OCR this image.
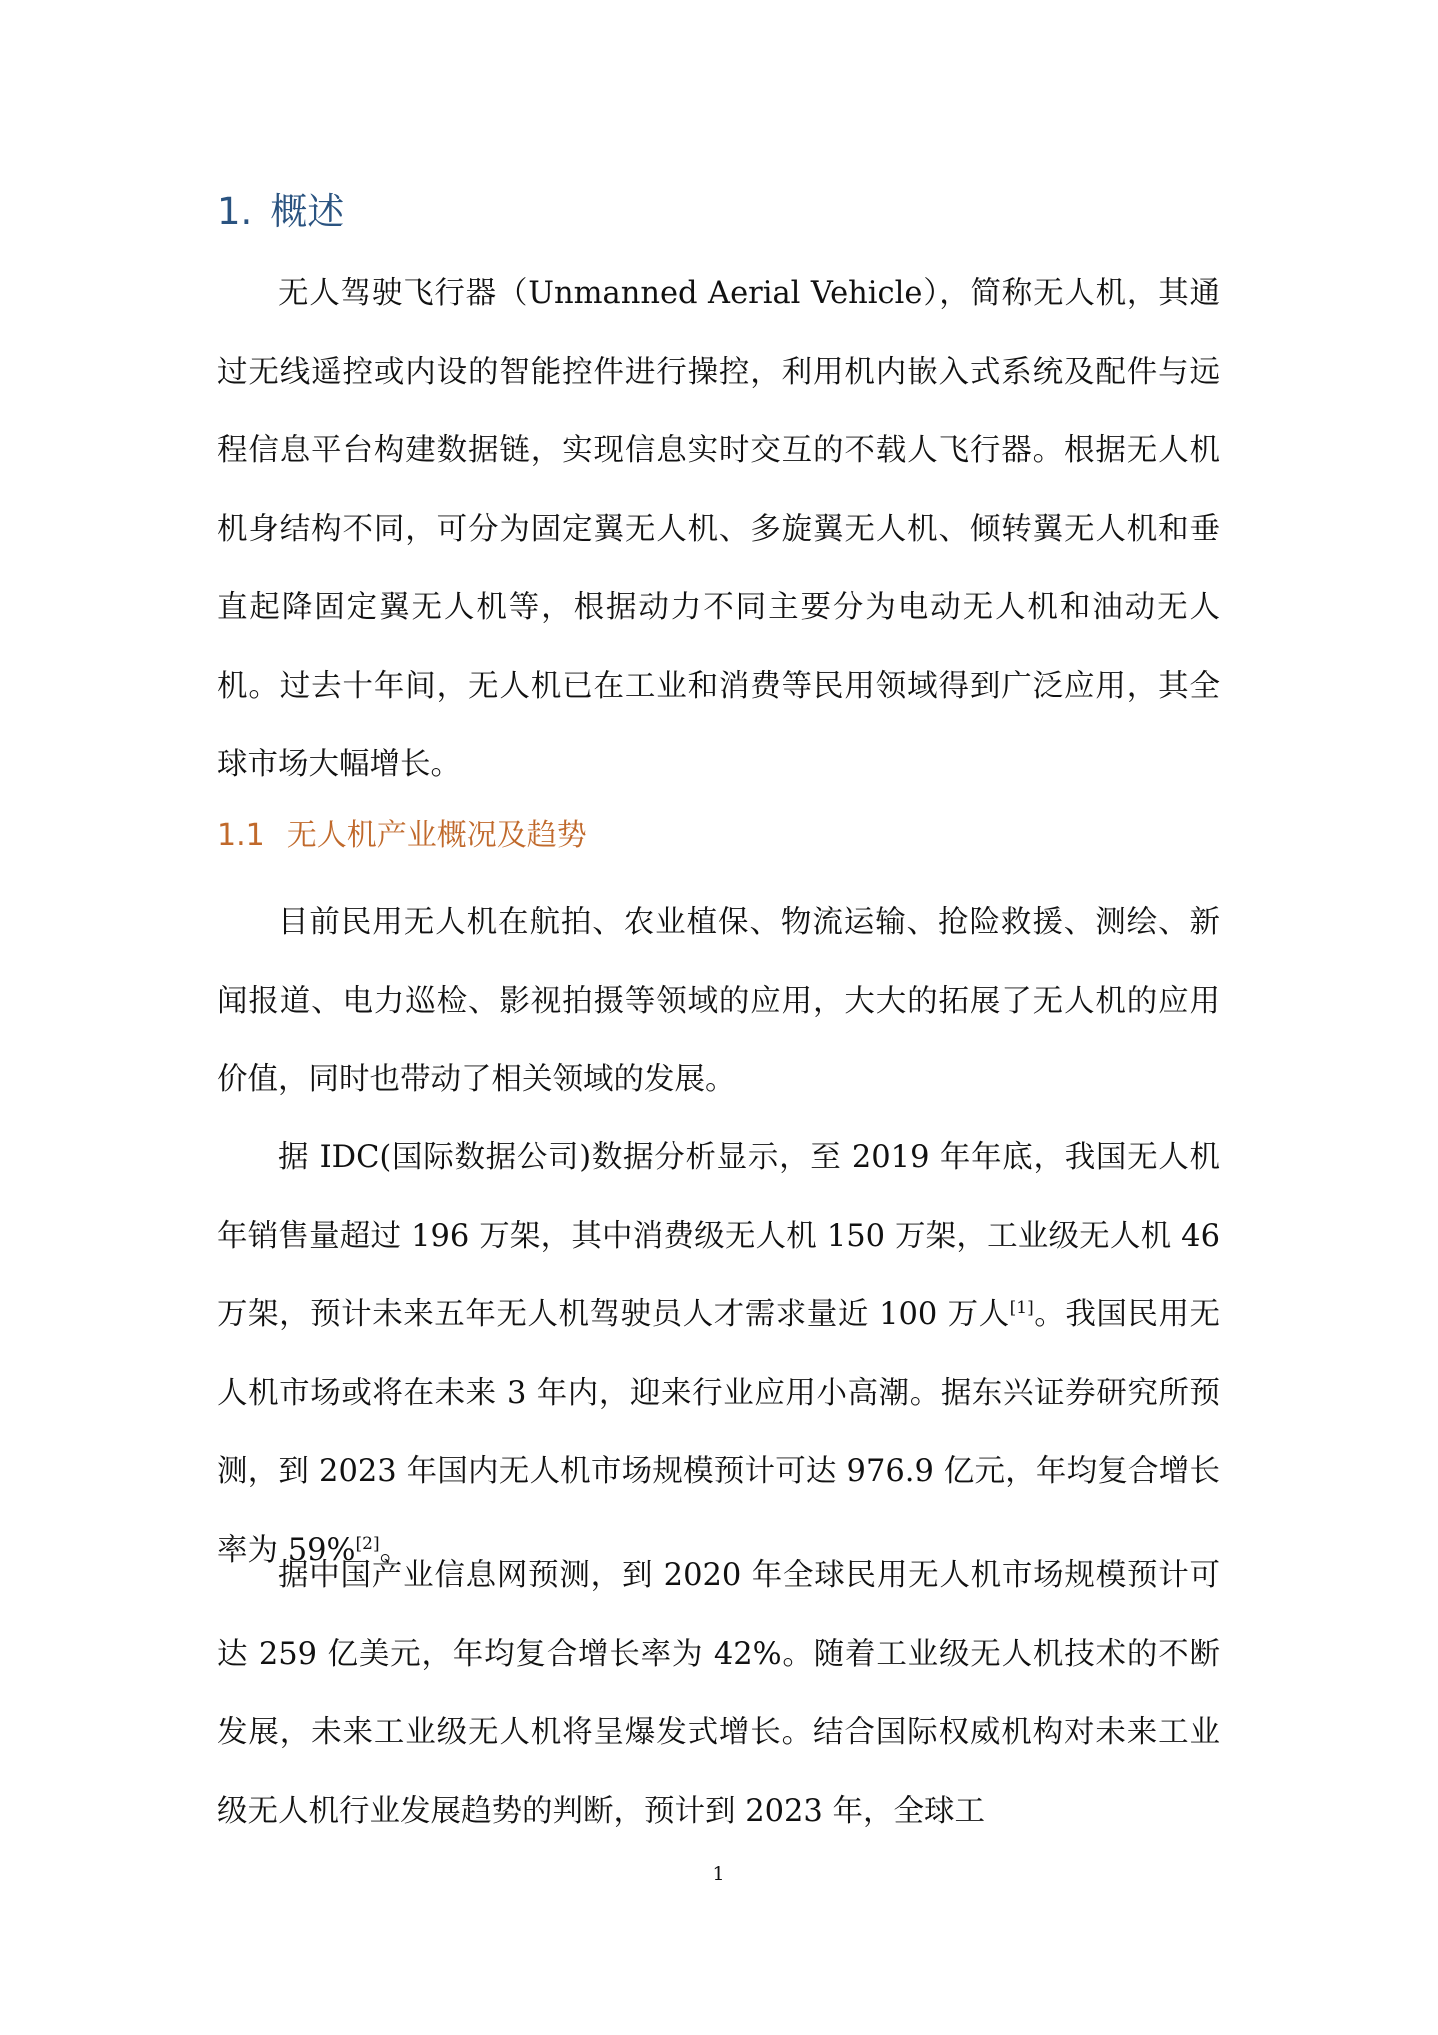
1. 概述

无人驾驶飞行器（Unmanned Aerial Vehicle），简称无人机，其通过无线遥控或内设的智能控件进行操控，利用机内嵌入式系统及配件与远程信息平台构建数据链，实现信息实时交互的不载人飞行器。根据无人机机身结构不同，可分为固定翼无人机、多旋翼无人机、倾转翼无人机和垂直起降固定翼无人机等，根据动力不同主要分为电动无人机和油动无人机。过去十年间，无人机已在工业和消费等民用领域得到广泛应用，其全球市场大幅增长。

1.1 无人机产业概况及趋势

目前民用无人机在航拍、农业植保、物流运输、抢险救援、测绘、新闻报道、电力巡检、影视拍摄等领域的应用，大大的拓展了无人机的应用价值，同时也带动了相关领域的发展。

据 IDC(国际数据公司)数据分析显示，至 2019 年年底，我国无人机年销售量超过 196 万架，其中消费级无人机 150 万架，工业级无人机 46 万架，预计未来五年无人机驾驶员人才需求量近 100 万人[1]。我国民用无人机市场或将在未来 3 年内，迎来行业应用小高潮。据东兴证券研究所预测，到 2023 年国内无人机市场规模预计可达 976.9 亿元，年均复合增长率为 59%[2]。

据中国产业信息网预测，到 2020 年全球民用无人机市场规模预计可达 259 亿美元，年均复合增长率为 42%。随着工业级无人机技术的不断发展，未来工业级无人机将呈爆发式增长。结合国际权威机构对未来工业级无人机行业发展趋势的判断，预计到 2023 年，全球工

1
